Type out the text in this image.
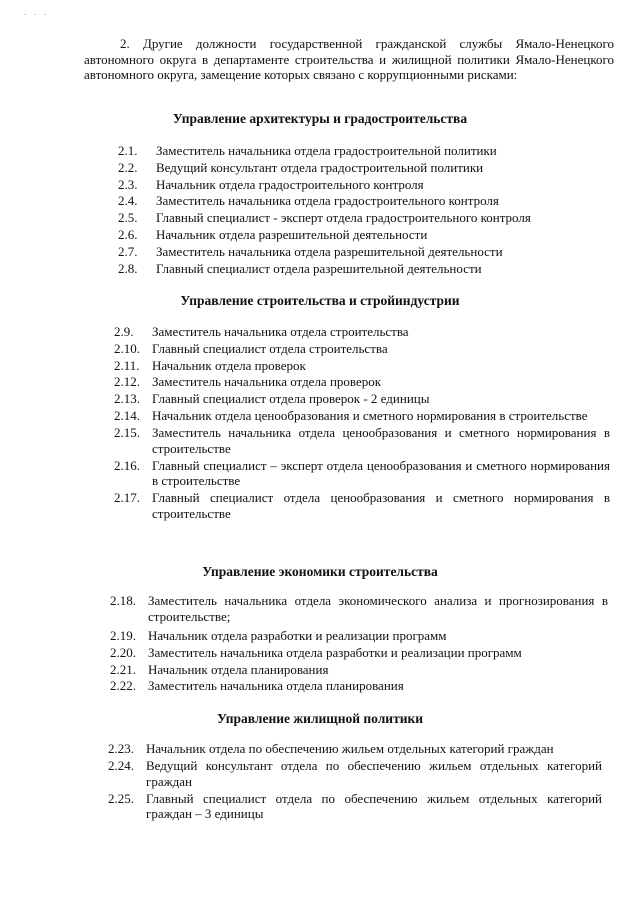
· · ·
2. Другие должности государственной гражданской службы Ямало-Ненецкого автономного округа в департаменте строительства и жилищной политики Ямало-Ненецкого автономного округа, замещение которых связано с коррупционными рисками:
Управление архитектуры и градостроительства
2.1.	Заместитель начальника отдела градостроительной политики
2.2.	Ведущий консультант отдела градостроительной политики
2.3.	Начальник отдела градостроительного контроля
2.4.	Заместитель начальника отдела градостроительного контроля
2.5.	Главный специалист - эксперт отдела градостроительного контроля
2.6.	Начальник отдела разрешительной деятельности
2.7.	Заместитель начальника отдела разрешительной деятельности
2.8.	Главный специалист отдела разрешительной деятельности
Управление строительства и стройиндустрии
2.9.	Заместитель начальника отдела строительства
2.10. Главный специалист отдела строительства
2.11. Начальник отдела проверок
2.12. Заместитель начальника отдела проверок
2.13. Главный специалист отдела проверок - 2 единицы
2.14. Начальник отдела ценообразования и сметного нормирования в строительстве
2.15. Заместитель начальника отдела ценообразования и сметного нормирования в строительстве
2.16. Главный специалист – эксперт отдела ценообразования и сметного нормирования в строительстве
2.17. Главный специалист отдела ценообразования и сметного нормирования в строительстве
Управление экономики строительства
2.18. Заместитель начальника отдела экономического анализа и прогнозирования в строительстве;
2.19. Начальник отдела разработки и реализации программ
2.20. Заместитель начальника отдела разработки и реализации программ
2.21. Начальник отдела планирования
2.22. Заместитель начальника отдела планирования
Управление жилищной политики
2.23. Начальник отдела по обеспечению жильем отдельных категорий граждан
2.24. Ведущий консультант отдела по обеспечению жильем отдельных категорий граждан
2.25. Главный специалист отдела по обеспечению жильем отдельных категорий граждан – 3 единицы
